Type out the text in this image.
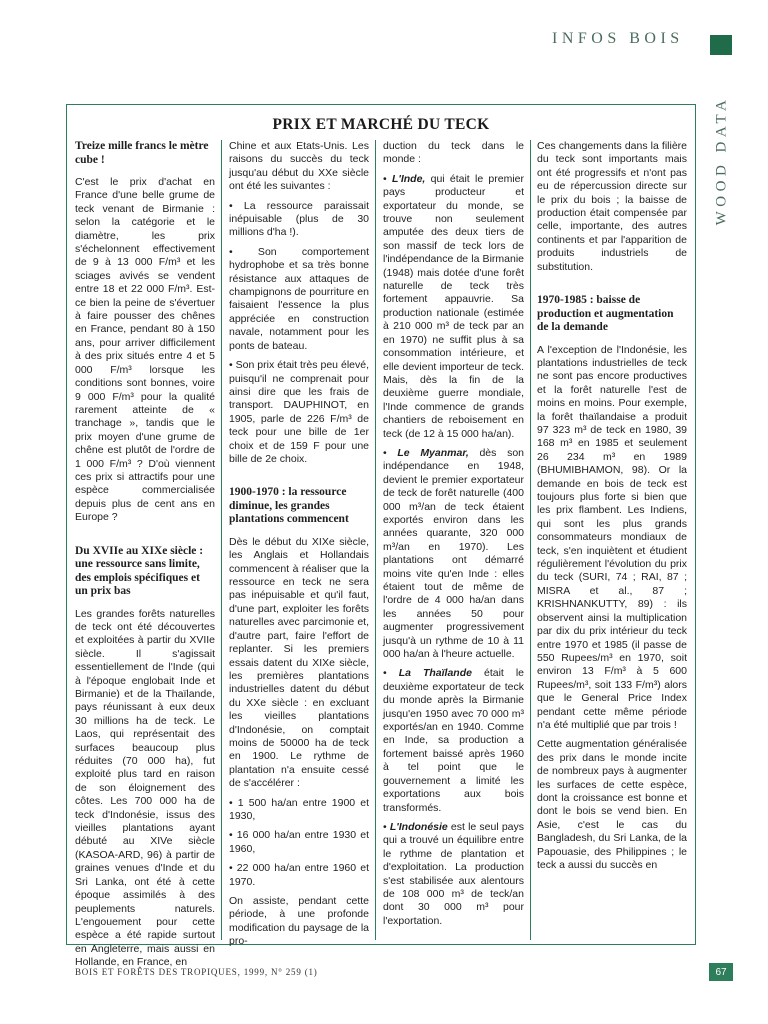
INFOS BOIS
WOOD DATA
PRIX ET MARCHÉ DU TECK
Treize mille francs le mètre cube !

C'est le prix d'achat en France d'une belle grume de teck venant de Birmanie : selon la catégorie et le diamètre, les prix s'échelonnent effectivement de 9 à 13 000 F/m³ et les sciages avivés se vendent entre 18 et 22 000 F/m³. Est-ce bien la peine de s'évertuer à faire pousser des chênes en France, pendant 80 à 150 ans, pour arriver difficilement à des prix situés entre 4 et 5 000 F/m³ lorsque les conditions sont bonnes, voire 9 000 F/m³ pour la qualité rarement atteinte de « tranchage », tandis que le prix moyen d'une grume de chêne est plutôt de l'ordre de 1 000 F/m³ ? D'où viennent ces prix si attractifs pour une espèce commercialisée depuis plus de cent ans en Europe ?

Du XVIIe au XIXe siècle : une ressource sans limite, des emplois spécifiques et un prix bas

Les grandes forêts naturelles de teck ont été découvertes et exploitées à partir du XVIIe siècle. Il s'agissait essentiellement de l'Inde (qui à l'époque englobait Inde et Birmanie) et de la Thaïlande, pays réunissant à eux deux 30 millions ha de teck. Le Laos, qui représentait des surfaces beaucoup plus réduites (70 000 ha), fut exploité plus tard en raison de son éloignement des côtes. Les 700 000 ha de teck d'Indonésie, issus des vieilles plantations ayant débuté au XIVe siècle (KASOA-ARD, 96) à partir de graines venues d'Inde et du Sri Lanka, ont été à cette époque assimilés à des peuplements naturels. L'engouement pour cette espèce a été rapide surtout en Angleterre, mais aussi en Hollande, en France, en

Chine et aux Etats-Unis. Les raisons du succès du teck jusqu'au début du XXe siècle ont été les suivantes :

• La ressource paraissait inépuisable (plus de 30 millions d'ha !).
• Son comportement hydrophobe et sa très bonne résistance aux attaques de champignons de pourriture en faisaient l'essence la plus appréciée en construction navale, notamment pour les ponts de bateau.
• Son prix était très peu élevé, puisqu'il ne comprenait pour ainsi dire que les frais de transport. DAUPHINOT, en 1905, parle de 226 F/m³ de teck pour une bille de 1er choix et de 159 F pour une bille de 2e choix.
1900-1970 : la ressource diminue, les grandes plantations commencent

Dès le début du XIXe siècle, les Anglais et Hollandais commencent à réaliser que la ressource en teck ne sera pas inépuisable et qu'il faut, d'une part, exploiter les forêts naturelles avec parcimonie et, d'autre part, faire l'effort de replanter. Si les premiers essais datent du XIXe siècle, les premières plantations industrielles datent du début du XXe siècle : en excluant les vieilles plantations d'Indonésie, on comptait moins de 50000 ha de teck en 1900. Le rythme de plantation n'a ensuite cessé de s'accélérer :

• 1 500 ha/an entre 1900 et 1930,
• 16 000 ha/an entre 1930 et 1960,
• 22 000 ha/an entre 1960 et 1970.

On assiste, pendant cette période, à une profonde modification du paysage de la pro-

duction du teck dans le monde :

• L'Inde, qui était le premier pays producteur et exportateur du monde, se trouve non seulement amputée des deux tiers de son massif de teck lors de l'indépendance de la Birmanie (1948) mais dotée d'une forêt naturelle de teck très fortement appauvrie. Sa production nationale (estimée à 210 000 m³ de teck par an en 1970) ne suffit plus à sa consommation intérieure, et elle devient importeur de teck. Mais, dès la fin de la deuxième guerre mondiale, l'Inde commence de grands chantiers de reboisement en teck (de 12 à 15 000 ha/an).
• Le Myanmar, dès son indépendance en 1948, devient le premier exportateur de teck de forêt naturelle (400 000 m³/an de teck étaient exportés environ dans les années quarante, 320 000 m³/an en 1970). Les plantations ont démarré moins vite qu'en Inde : elles étaient tout de même de l'ordre de 4 000 ha/an dans les années 50 pour augmenter progressivement jusqu'à un rythme de 10 à 11 000 ha/an à l'heure actuelle.
• La Thaïlande était le deuxième exportateur de teck du monde après la Birmanie jusqu'en 1950 avec 70 000 m³ exportés/an en 1940. Comme en Inde, sa production a fortement baissé après 1960 à tel point que le gouvernement a limité les exportations aux bois transformés.
• L'Indonésie est le seul pays qui a trouvé un équilibre entre le rythme de plantation et d'exploitation. La production s'est stabilisée aux alentours de 108 000 m³ de teck/an dont 30 000 m³ pour l'exportation.

Ces changements dans la filière du teck sont importants mais ont été progressifs et n'ont pas eu de répercussion directe sur le prix du bois ; la baisse de production était compensée par celle, importante, des autres continents et par l'apparition de produits industriels de substitution.

1970-1985 : baisse de production et augmentation de la demande

A l'exception de l'Indonésie, les plantations industrielles de teck ne sont pas encore productives et la forêt naturelle l'est de moins en moins. Pour exemple, la forêt thaïlandaise a produit 97 323 m³ de teck en 1980, 39 168 m³ en 1985 et seulement 26 234 m³ en 1989 (BHUMIBHAMON, 98). Or la demande en bois de teck est toujours plus forte si bien que les prix flambent. Les Indiens, qui sont les plus grands consommateurs mondiaux de teck, s'en inquiètent et étudient régulièrement l'évolution du prix du teck (SURI, 74 ; RAI, 87 ; MISRA et al., 87 ; KRISHNANKUTTY, 89) : ils observent ainsi la multiplication par dix du prix intérieur du teck entre 1970 et 1985 (il passe de 550 Rupees/m³ en 1970, soit environ 13 F/m³ à 5 600 Rupees/m³, soit 133 F/m³) alors que le General Price Index pendant cette même période n'a été multiplié que par trois !

Cette augmentation généralisée des prix dans le monde incite de nombreux pays à augmenter les surfaces de cette espèce, dont la croissance est bonne et dont le bois se vend bien. En Asie, c'est le cas du Bangladesh, du Sri Lanka, de la Papouasie, des Philippines ; le teck a aussi du succès en

BOIS ET FORÊTS DES TROPIQUES, 1999, N° 259 (1)	67
